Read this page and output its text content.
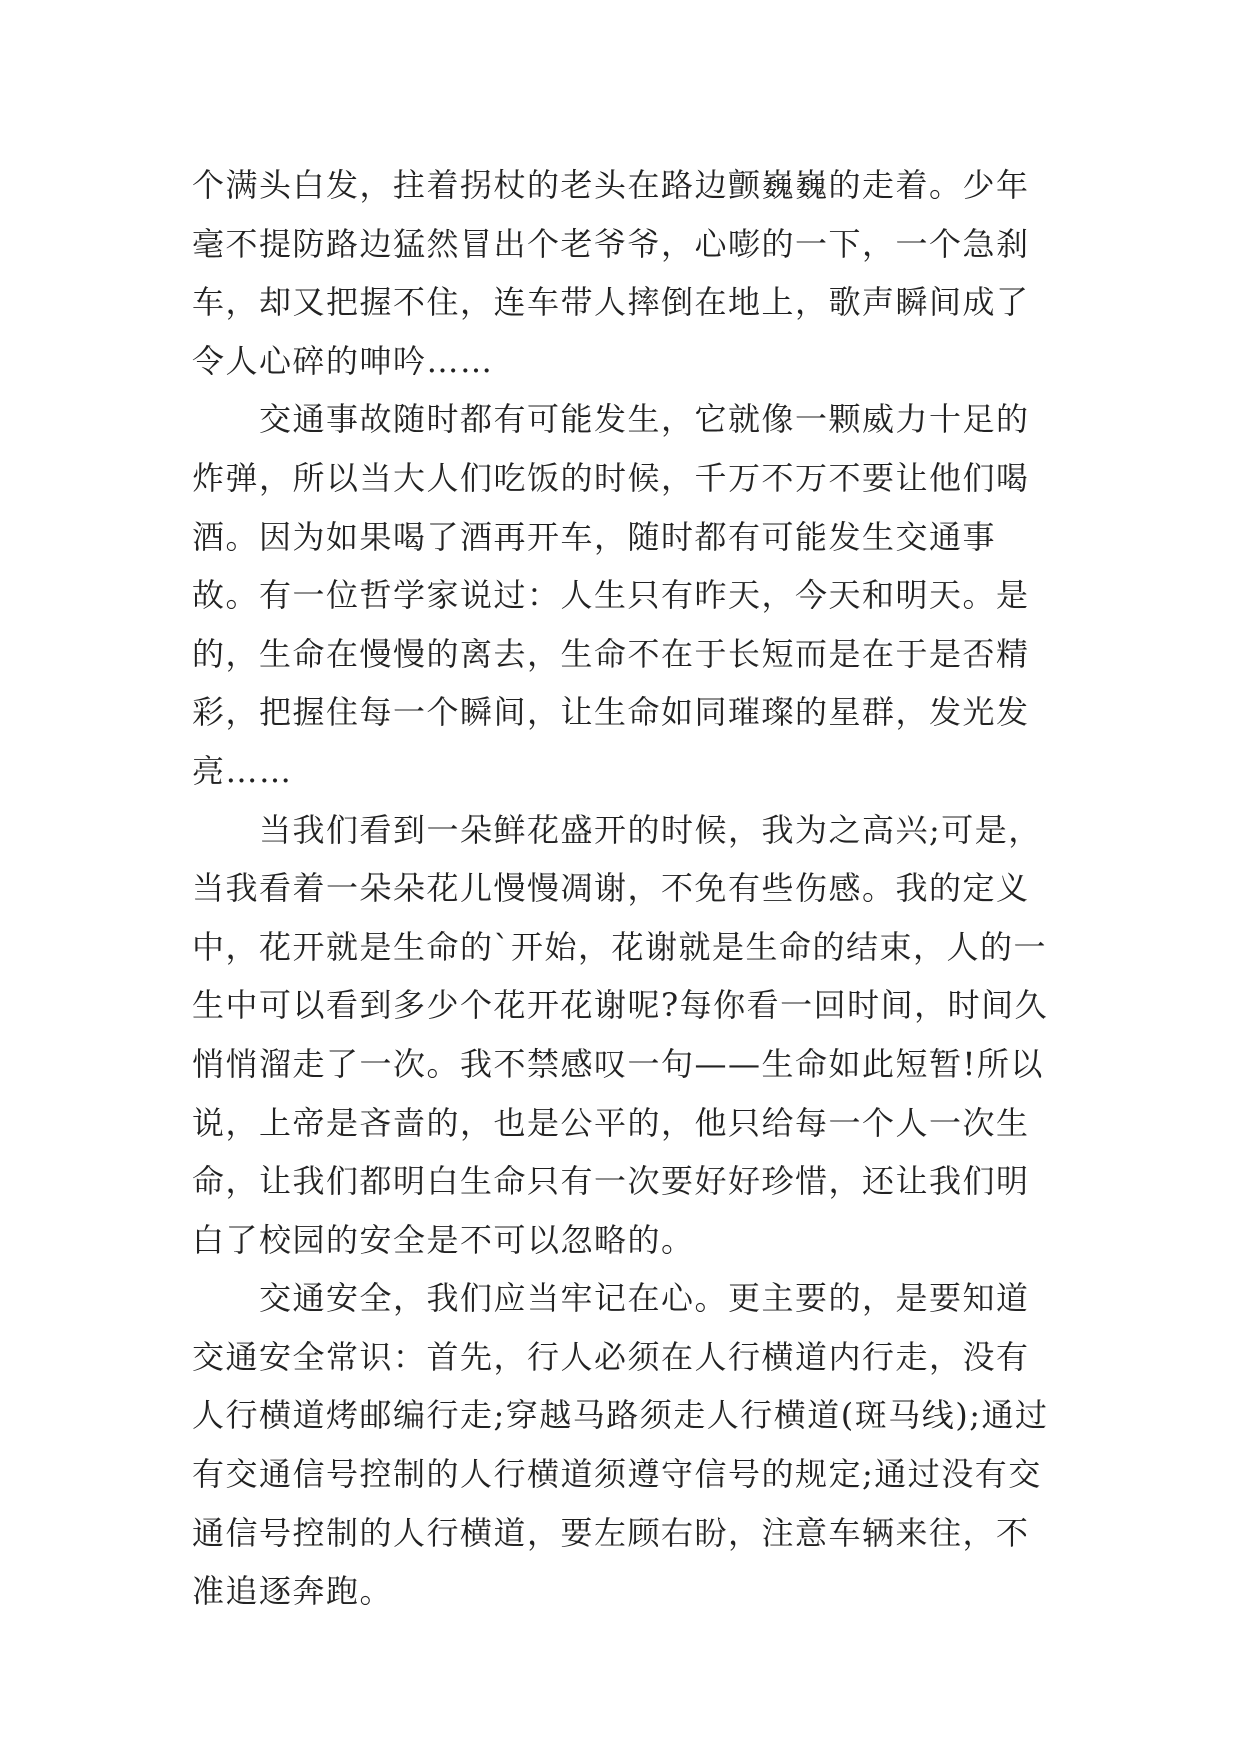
个满头白发，拄着拐杖的老头在路边颤巍巍的走着。少年毫不提防路边猛然冒出个老爷爷，心嘭的一下，一个急刹车，却又把握不住，连车带人摔倒在地上，歌声瞬间成了令人心碎的呻吟……

　　交通事故随时都有可能发生，它就像一颗威力十足的炸弹，所以当大人们吃饭的时候，千万不万不要让他们喝酒。因为如果喝了酒再开车，随时都有可能发生交通事故。有一位哲学家说过：人生只有昨天，今天和明天。是的，生命在慢慢的离去，生命不在于长短而是在于是否精彩，把握住每一个瞬间，让生命如同璀璨的星群，发光发亮……

　　当我们看到一朵鲜花盛开的时候，我为之高兴;可是，当我看着一朵朵花儿慢慢凋谢，不免有些伤感。我的定义中，花开就是生命的`开始，花谢就是生命的结束，人的一生中可以看到多少个花开花谢呢?每你看一回时间，时间久悄悄溜走了一次。我不禁感叹一句——生命如此短暂!所以说，上帝是吝啬的，也是公平的，他只给每一个人一次生命，让我们都明白生命只有一次要好好珍惜，还让我们明白了校园的安全是不可以忽略的。

　　交通安全，我们应当牢记在心。更主要的，是要知道交通安全常识：首先，行人必须在人行横道内行走，没有人行横道烤邮编行走;穿越马路须走人行横道(斑马线);通过有交通信号控制的人行横道须遵守信号的规定;通过没有交通信号控制的人行横道，要左顾右盼，注意车辆来往，不准追逐奔跑。
